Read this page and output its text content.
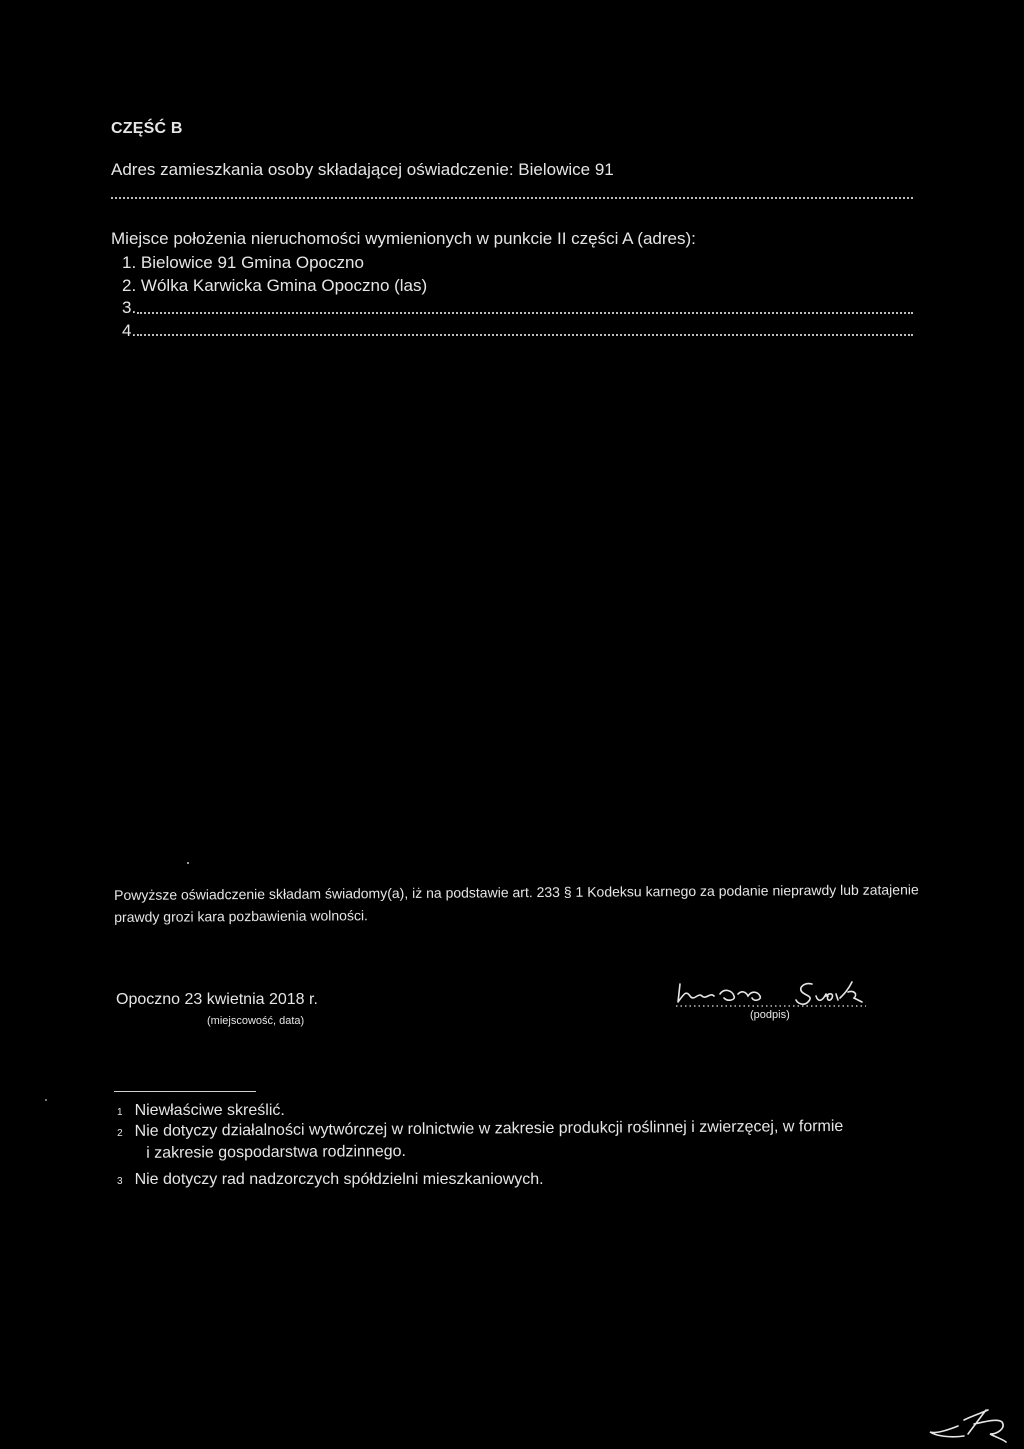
CZĘŚĆ B
Adres zamieszkania osoby składającej oświadczenie: Bielowice 91
Miejsce położenia nieruchomości wymienionych w punkcie II części A (adres):
1. Bielowice 91 Gmina Opoczno
2. Wólka Karwicka Gmina Opoczno (las)
3.
4.
Powyższe oświadczenie składam świadomy(a), iż na podstawie art. 233 § 1 Kodeksu karnego za podanie nieprawdy lub zatajenie prawdy grozi kara pozbawienia wolności.
Opoczno 23 kwietnia 2018 r.
(miejscowość, data)	(podpis)
$^1$ Niewłaściwe skreślić.
$^2$ Nie dotyczy działalności wytwórczej w rolnictwie w zakresie produkcji roślinnej i zwierzęcej, w formie
i zakresie gospodarstwa rodzinnego.
$^3$ Nie dotyczy rad nadzorczych spółdzielni mieszkaniowych.
